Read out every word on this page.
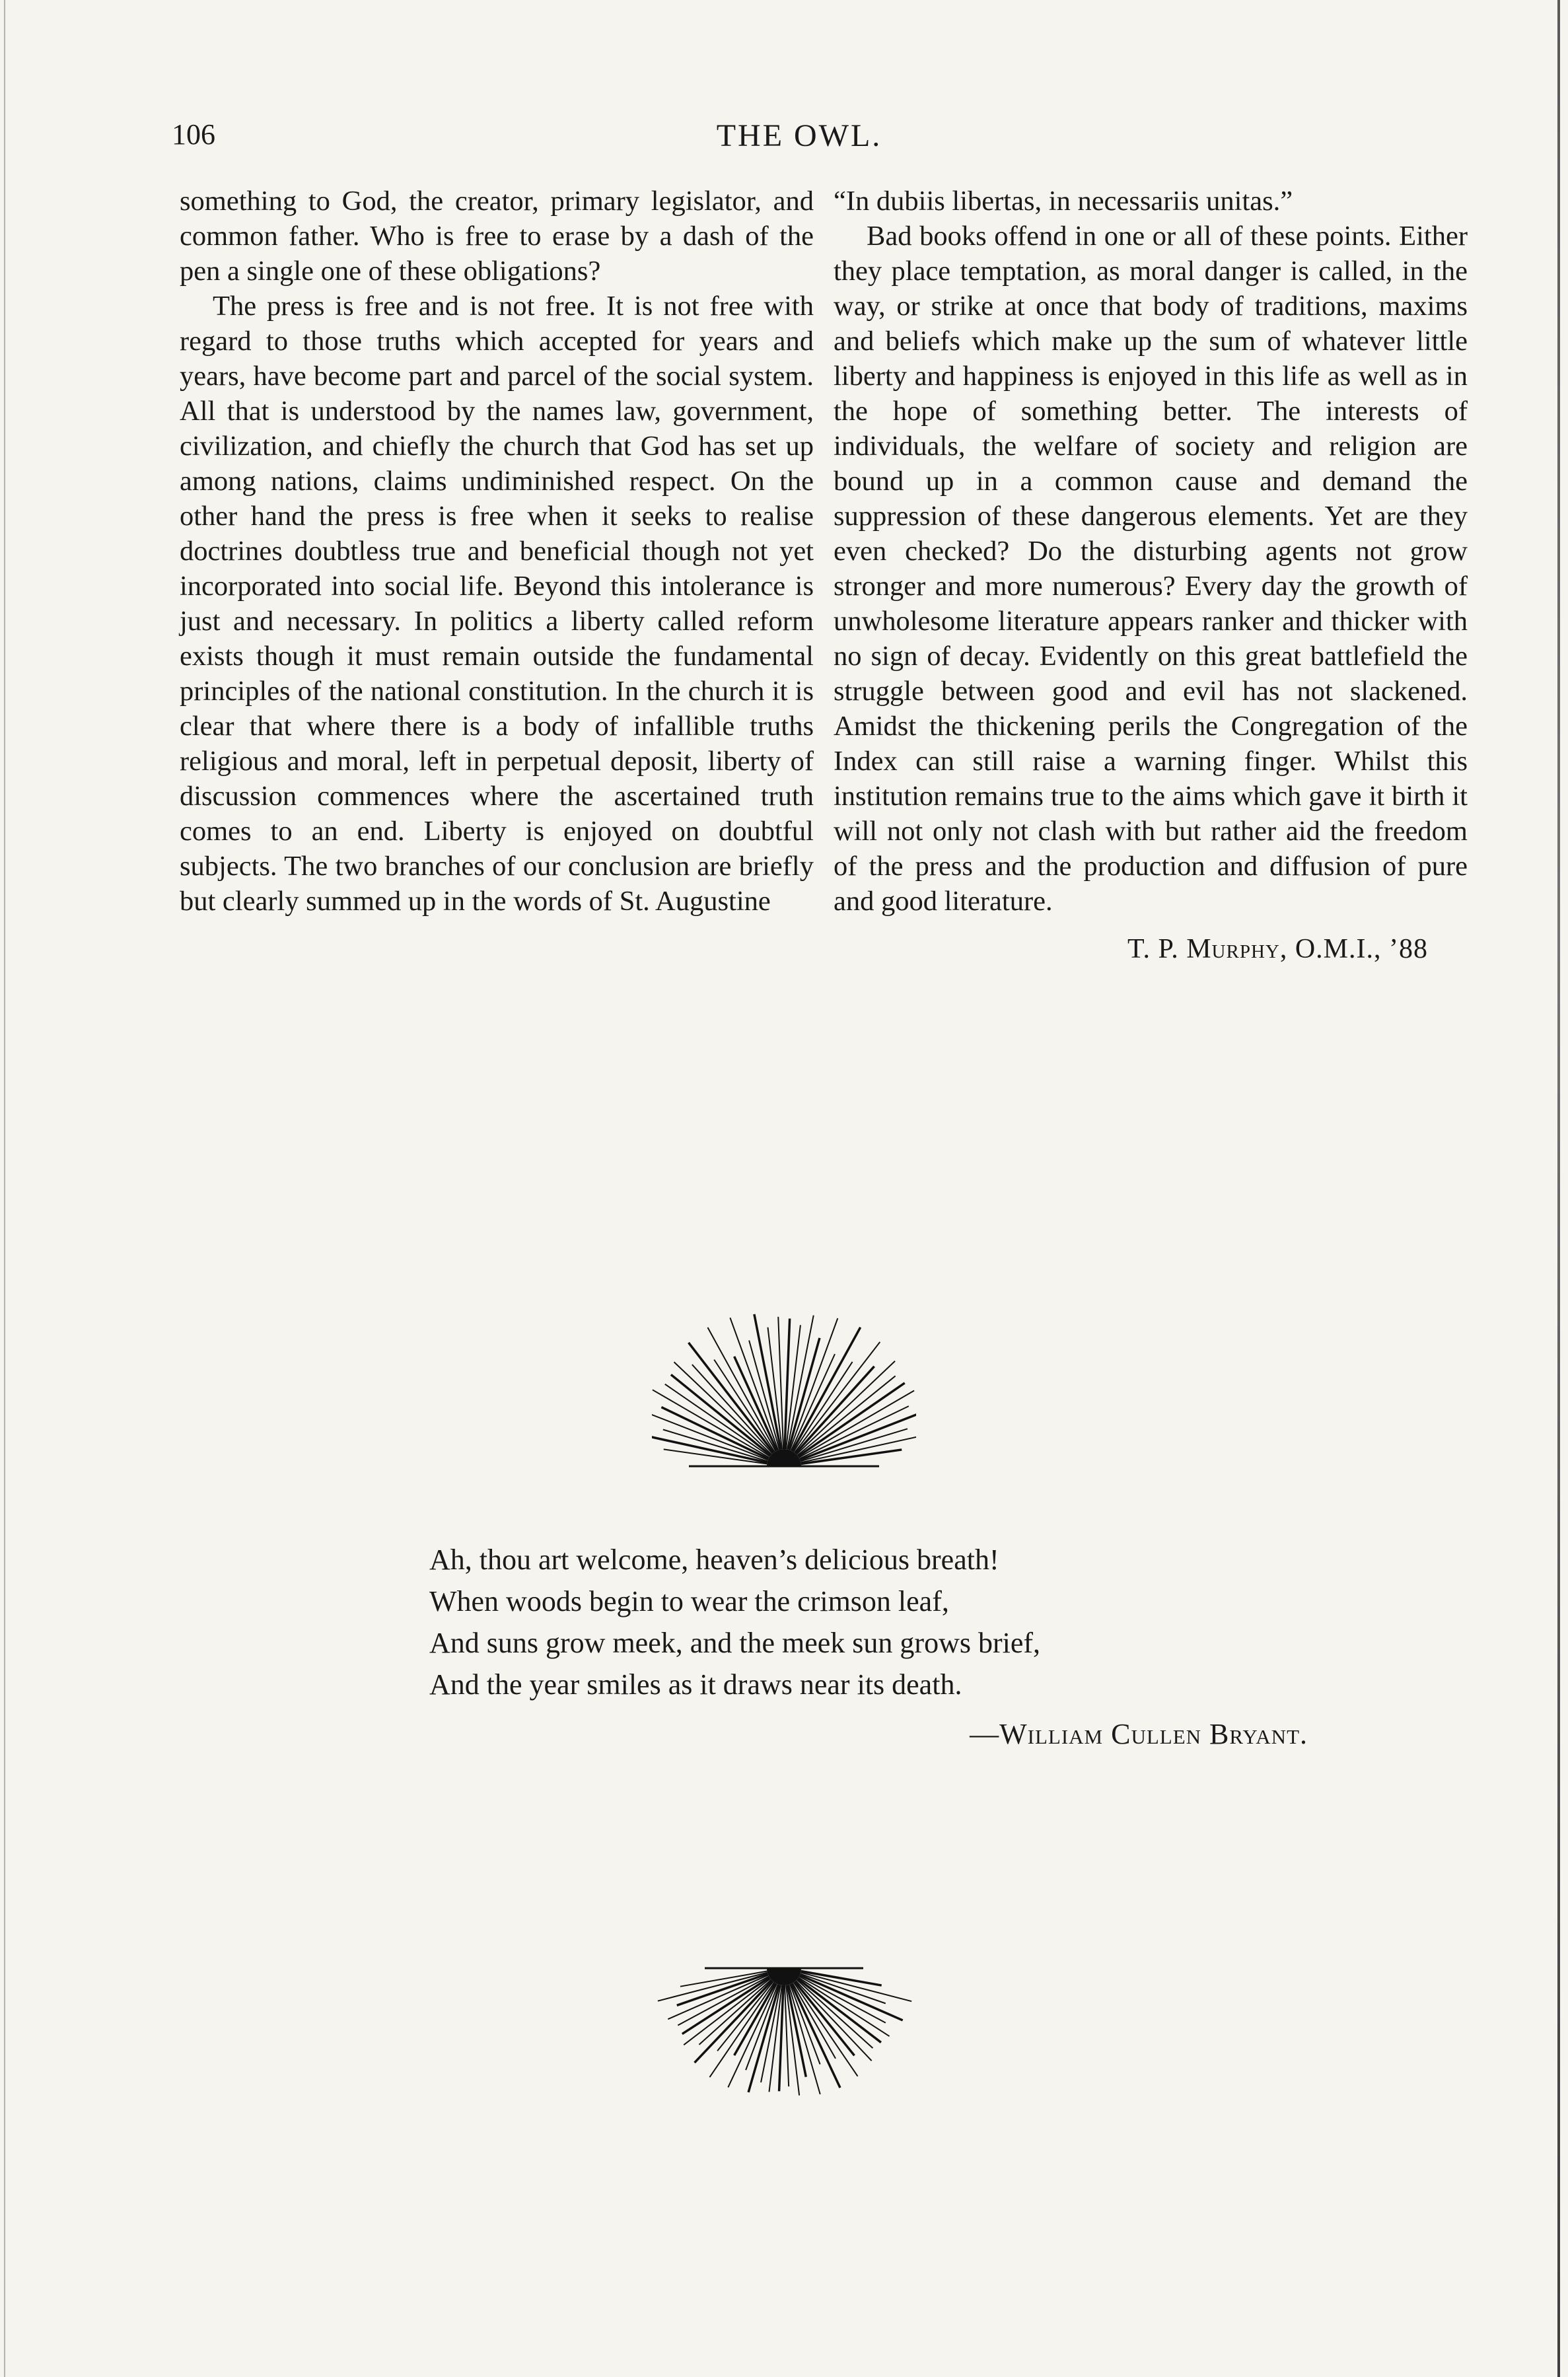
106	THE OWL.

something to God, the creator, primary legislator, and common father. Who is free to erase by a dash of the pen a single one of these obligations?

The press is free and is not free. It is not free with regard to those truths which accepted for years and years, have become part and parcel of the social system. All that is understood by the names law, government, civilization, and chiefly the church that God has set up among nations, claims undiminished respect. On the other hand the press is free when it seeks to realise doctrines doubtless true and beneficial though not yet incorporated into social life. Beyond this intolerance is just and necessary. In politics a liberty called reform exists though it must remain outside the fundamental principles of the national constitution. In the church it is clear that where there is a body of infallible truths religious and moral, left in perpetual deposit, liberty of discussion commences where the ascertained truth comes to an end. Liberty is enjoyed on doubtful subjects. The two branches of our conclusion are briefly but clearly summed up in the words of St. Augustine

“In dubiis libertas, in necessariis unitas.”

Bad books offend in one or all of these points. Either they place temptation, as moral danger is called, in the way, or strike at once that body of traditions, maxims and beliefs which make up the sum of whatever little liberty and happiness is enjoyed in this life as well as in the hope of something better. The interests of individuals, the welfare of society and religion are bound up in a common cause and demand the suppression of these dangerous elements. Yet are they even checked? Do the disturbing agents not grow stronger and more numerous? Every day the growth of unwholesome literature appears ranker and thicker with no sign of decay. Evidently on this great battlefield the struggle between good and evil has not slackened. Amidst the thickening perils the Congregation of the Index can still raise a warning finger. Whilst this institution remains true to the aims which gave it birth it will not only not clash with but rather aid the freedom of the press and the production and diffusion of pure and good literature.

T. P. Murphy, O.M.I., ’88
Ah, thou art welcome, heaven’s delicious breath!
When woods begin to wear the crimson leaf,
And suns grow meek, and the meek sun grows brief,
And the year smiles as it draws near its death.
—William Cullen Bryant.
